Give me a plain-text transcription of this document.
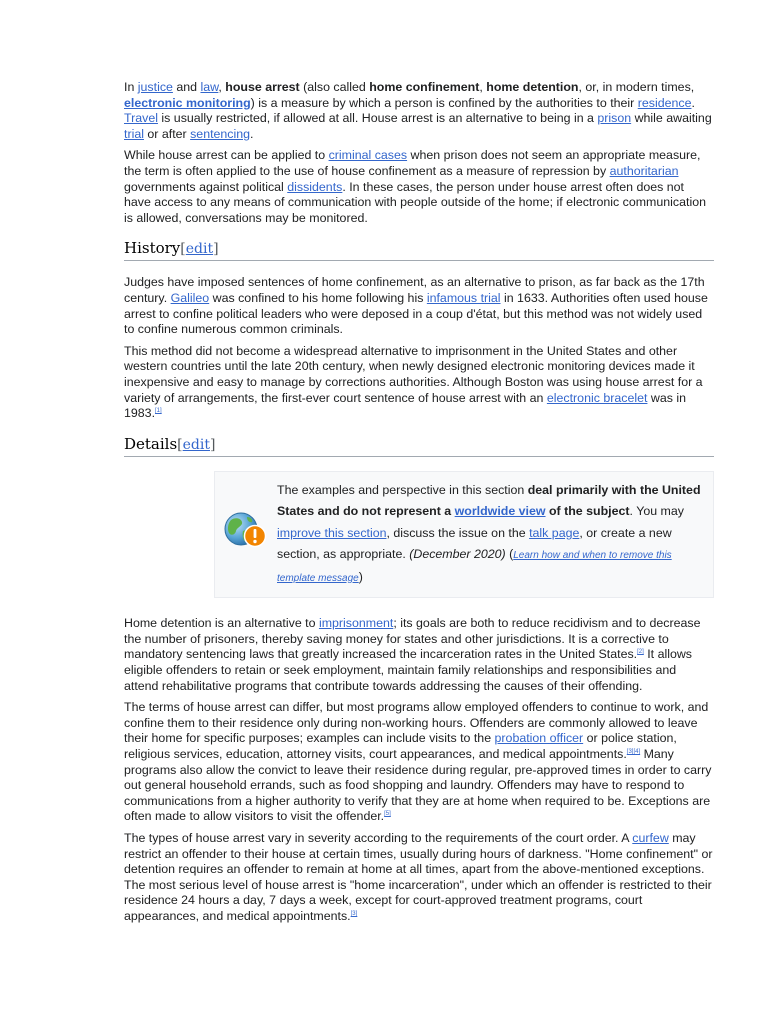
In justice and law, house arrest (also called home confinement, home detention, or, in modern times, electronic monitoring) is a measure by which a person is confined by the authorities to their residence. Travel is usually restricted, if allowed at all. House arrest is an alternative to being in a prison while awaiting trial or after sentencing.

While house arrest can be applied to criminal cases when prison does not seem an appropriate measure, the term is often applied to the use of house confinement as a measure of repression by authoritarian governments against political dissidents. In these cases, the person under house arrest often does not have access to any means of communication with people outside of the home; if electronic communication is allowed, conversations may be monitored.

History[edit]

Judges have imposed sentences of home confinement, as an alternative to prison, as far back as the 17th century. Galileo was confined to his home following his infamous trial in 1633. Authorities often used house arrest to confine political leaders who were deposed in a coup d'état, but this method was not widely used to confine numerous common criminals.

This method did not become a widespread alternative to imprisonment in the United States and other western countries until the late 20th century, when newly designed electronic monitoring devices made it inexpensive and easy to manage by corrections authorities. Although Boston was using house arrest for a variety of arrangements, the first-ever court sentence of house arrest with an electronic bracelet was in 1983.[1]

Details[edit]
The examples and perspective in this section deal primarily with the United States and do not represent a worldwide view of the subject. You may improve this section, discuss the issue on the talk page, or create a new section, as appropriate. (December 2020) (Learn how and when to remove this template message)

Home detention is an alternative to imprisonment; its goals are both to reduce recidivism and to decrease the number of prisoners, thereby saving money for states and other jurisdictions. It is a corrective to mandatory sentencing laws that greatly increased the incarceration rates in the United States.[2] It allows eligible offenders to retain or seek employment, maintain family relationships and responsibilities and attend rehabilitative programs that contribute towards addressing the causes of their offending.

The terms of house arrest can differ, but most programs allow employed offenders to continue to work, and confine them to their residence only during non-working hours. Offenders are commonly allowed to leave their home for specific purposes; examples can include visits to the probation officer or police station, religious services, education, attorney visits, court appearances, and medical appointments.[3][4] Many programs also allow the convict to leave their residence during regular, pre-approved times in order to carry out general household errands, such as food shopping and laundry. Offenders may have to respond to communications from a higher authority to verify that they are at home when required to be. Exceptions are often made to allow visitors to visit the offender.[5]

The types of house arrest vary in severity according to the requirements of the court order. A curfew may restrict an offender to their house at certain times, usually during hours of darkness. "Home confinement" or detention requires an offender to remain at home at all times, apart from the above-mentioned exceptions. The most serious level of house arrest is "home incarceration", under which an offender is restricted to their residence 24 hours a day, 7 days a week, except for court-approved treatment programs, court appearances, and medical appointments.[3]
